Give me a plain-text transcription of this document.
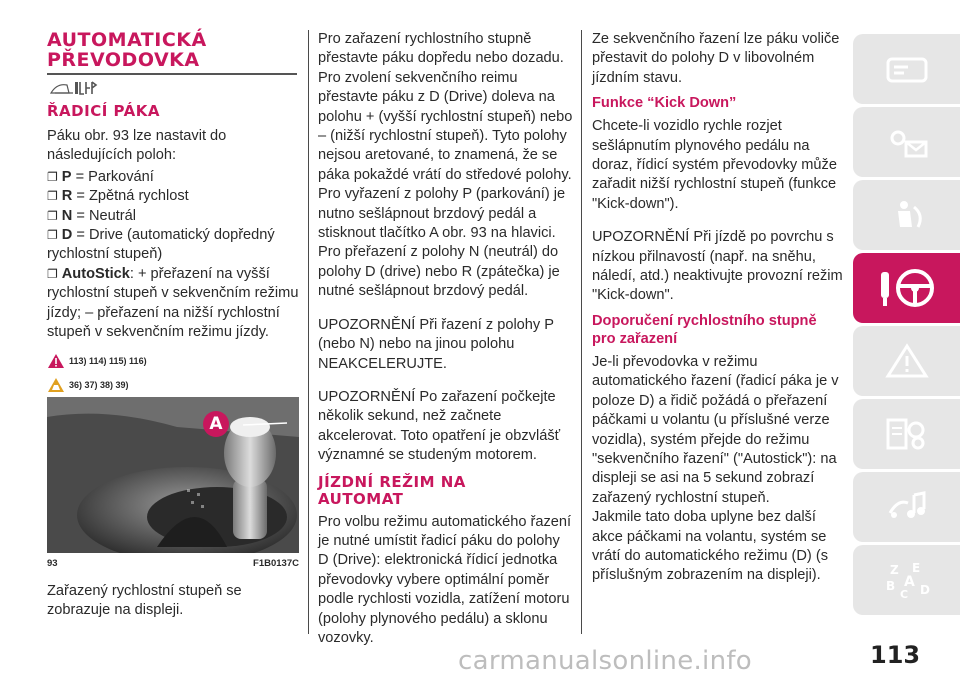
AUTOMATICKÁ
PŘEVODOVKA
ŘADICÍ PÁKA

Páku obr. 93 lze nastavit do následujících poloh:

❐ P = Parkování

❐ R = Zpětná rychlost

❐ N = Neutrál

❐ D = Drive (automatický dopředný rychlostní stupeň)

❐ AutoStick: + přeřazení na vyšší rychlostní stupeň v sekvenčním režimu jízdy; – přeřazení na nižší rychlostní stupeň v sekvenčním režimu jízdy.

113) 114) 115) 116)
36) 37) 38) 39)
A
93	F1B0137C

Zařazený rychlostní stupeň se zobrazuje na displeji.

Pro zařazení rychlostního stupně přestavte páku dopředu nebo dozadu. Pro zvolení sekvenčního reimu přestavte páku z D (Drive) doleva na polohu + (vyšší rychlostní stupeň) nebo – (nižší rychlostní stupeň). Tyto polohy nejsou aretované, to znamená, že se páka pokaždé vrátí do středové polohy.

Pro vyřazení z polohy P (parkování) je nutno sešlápnout brzdový pedál a stisknout tlačítko A obr. 93 na hlavici. Pro přeřazení z polohy N (neutrál) do polohy D (drive) nebo R (zpátečka) je nutné sešlápnout brzdový pedál.

UPOZORNĚNÍ Při řazení z polohy P (nebo N) nebo na jinou polohu NEAKCELERUJTE.

UPOZORNĚNÍ Po zařazení počkejte několik sekund, než začnete akcelerovat. Toto opatření je obzvlášť významné se studeným motorem.

JÍZDNÍ REŽIM NA
AUTOMAT

Pro volbu režimu automatického řazení je nutné umístit řadicí páku do polohy D (Drive): elektronická řídicí jednotka převodovky vybere optimální poměr podle rychlosti vozidla, zatížení motoru (polohy plynového pedálu) a sklonu vozovky.

Ze sekvenčního řazení lze páku voliče přestavit do polohy D v libovolném jízdním stavu.

Funkce “Kick Down”

Chcete-li vozidlo rychle rozjet sešlápnutím plynového pedálu na doraz, řídicí systém převodovky může zařadit nižší rychlostní stupeň (funkce "Kick-down").

UPOZORNĚNÍ Při jízdě po povrchu s nízkou přilnavostí (např. na sněhu, náledí, atd.) neaktivujte provozní režim "Kick-down".

Doporučení rychlostního stupně pro zařazení

Je-li převodovka v režimu automatického řazení (řadicí páka je v poloze D) a řidič požádá o přeřazení páčkami u volantu (u příslušné verze vozidla), systém přejde do režimu "sekvenčního řazení" ("Autostick"): na displeji se asi na 5 sekund zobrazí zařazený rychlostní stupeň.

Jakmile tato doba uplyne bez další akce páčkami na volantu, systém se vrátí do automatického režimu (D) (s příslušným zobrazením na displeji).	Z E
B A
C D
113
carmanualsonline.info
